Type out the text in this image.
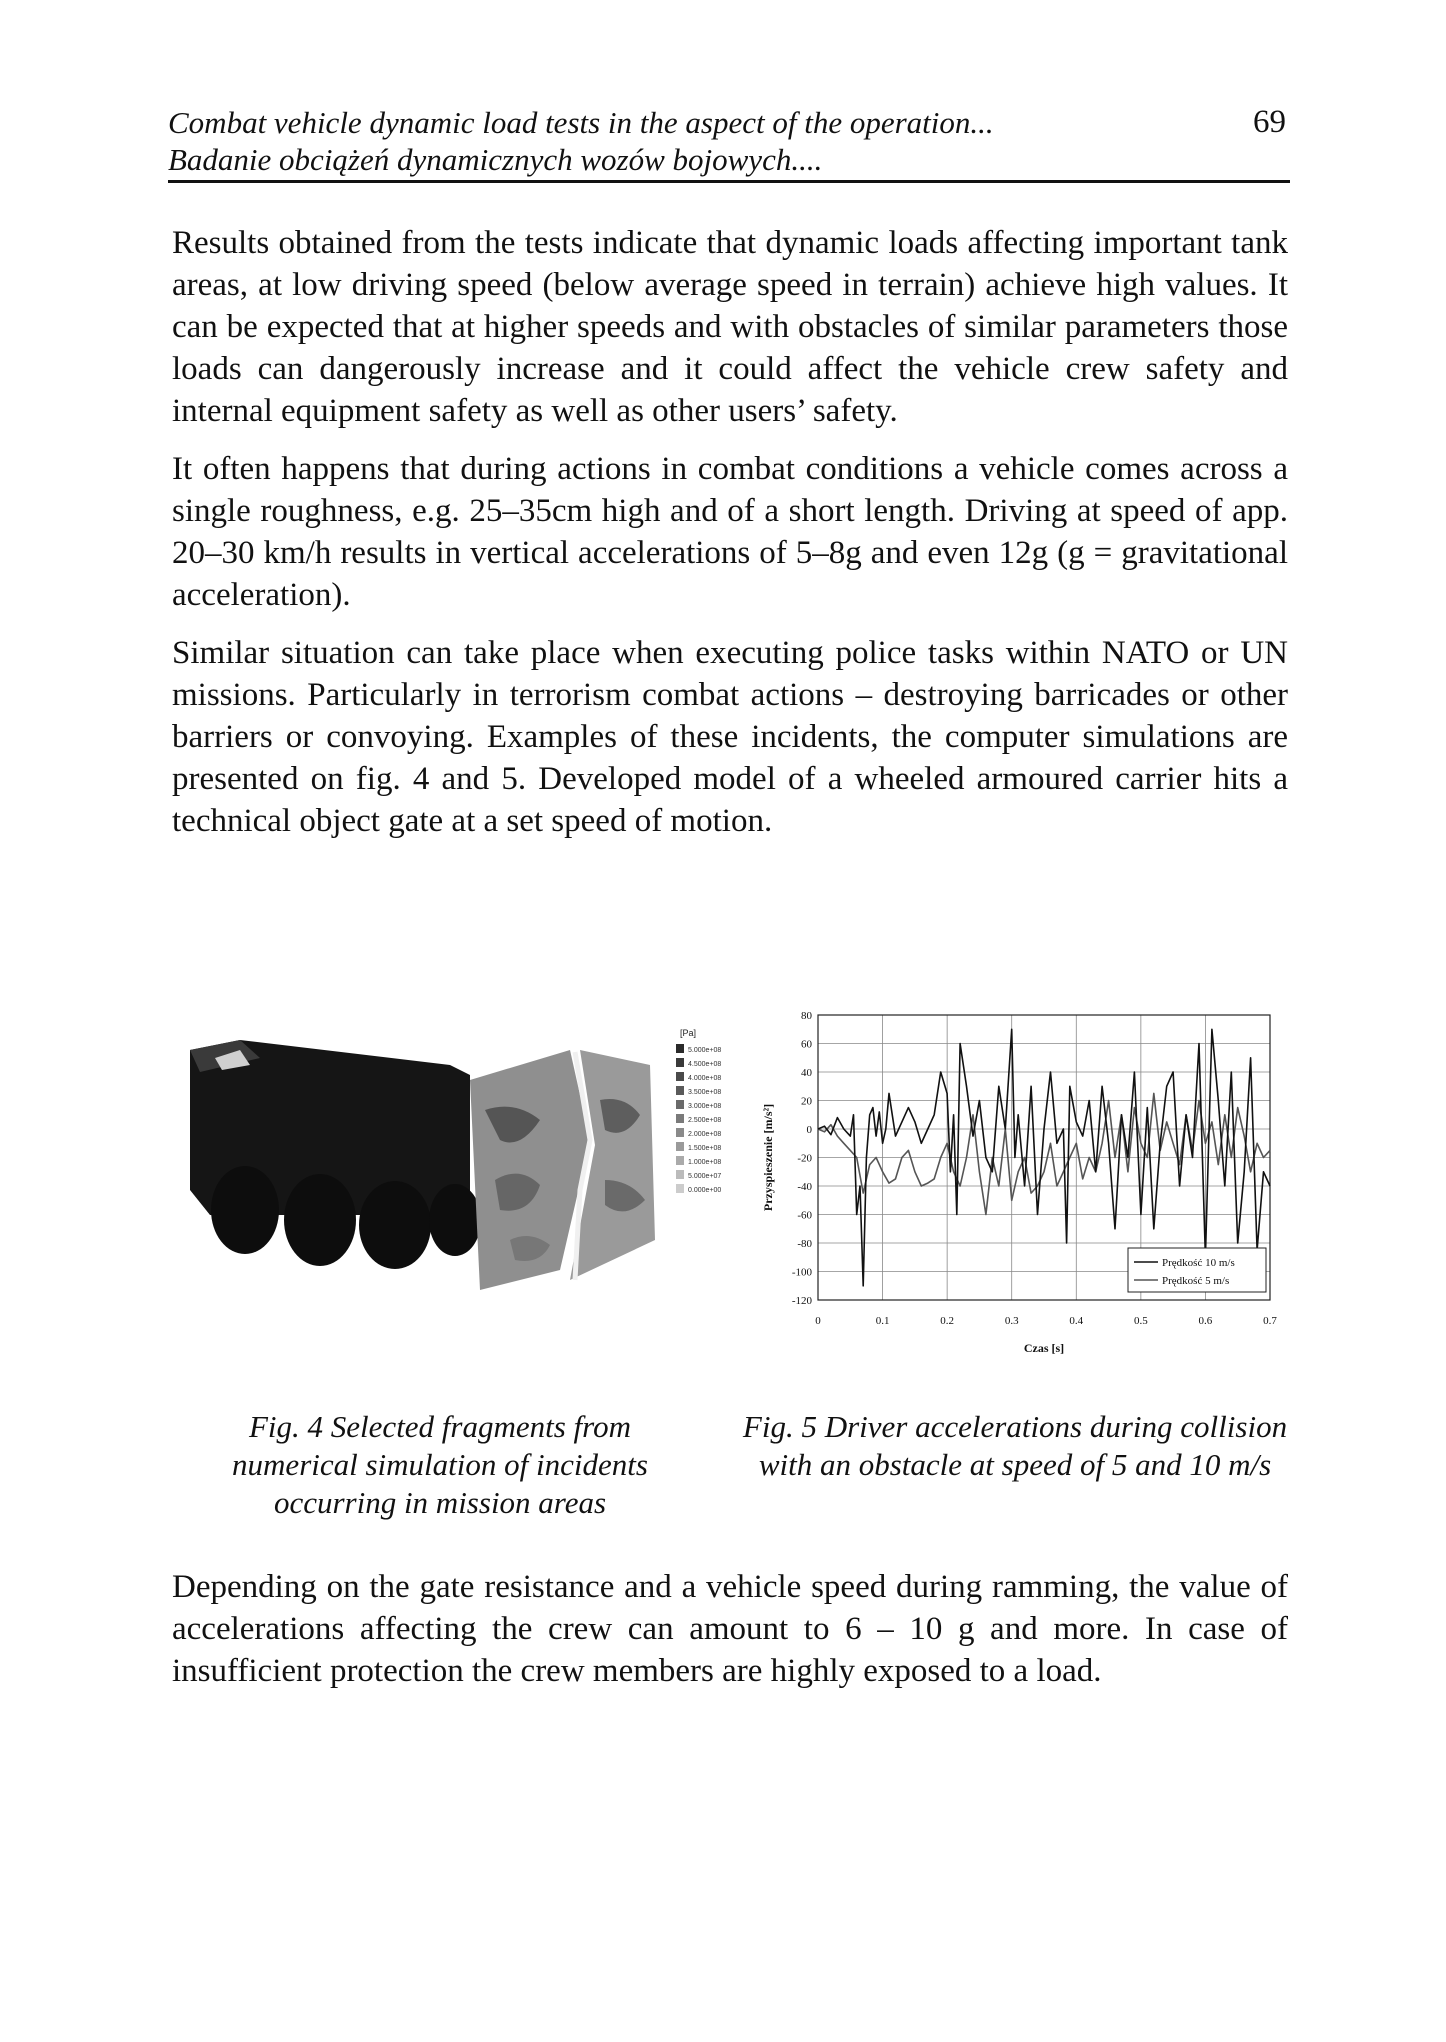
Combat vehicle dynamic load tests in the aspect of the operation...
Badanie obciążeń dynamicznych wozów bojowych....
69

Results obtained from the tests indicate that dynamic loads affecting important tank areas, at low driving speed (below average speed in terrain) achieve high values. It can be expected that at higher speeds and with obstacles of similar parameters those loads can dangerously increase and it could affect the vehicle crew safety and internal equipment safety as well as other users’ safety.

It often happens that during actions in combat conditions a vehicle comes across a single roughness, e.g. 25–35cm high and of a short length. Driving at speed of app. 20–30 km/h results in vertical accelerations of 5–8g and even 12g (g = gravitational acceleration).

Similar situation can take place when executing police tasks within NATO or UN missions. Particularly in terrorism combat actions – destroying barricades or other barriers or convoying. Examples of these incidents, the computer simulations are presented on fig. 4 and 5. Developed model of a wheeled armoured carrier hits a technical object gate at a set speed of motion.

[Pa]
5.000e+08
4.500e+08
4.000e+08
3.500e+08
3.000e+08
2.500e+08
2.000e+08
1.500e+08
1.000e+08
5.000e+07
0.000e+00
80
60
40
20
0
-20
-40
-60
-80
-100
-120
0	0.1	0.2	0.3	0.4	0.5	0.6	0.7
Czas [s]
Przyspieszenie [m/s²]
Prędkość 10 m/s
Prędkość 5 m/s
Fig. 4 Selected fragments from numerical simulation of incidents occurring in mission areas
Fig. 5 Driver accelerations during collision with an obstacle at speed of 5 and 10 m/s

Depending on the gate resistance and a vehicle speed during ramming, the value of accelerations affecting the crew can amount to 6 – 10 g and more. In case of insufficient protection the crew members are highly exposed to a load.
